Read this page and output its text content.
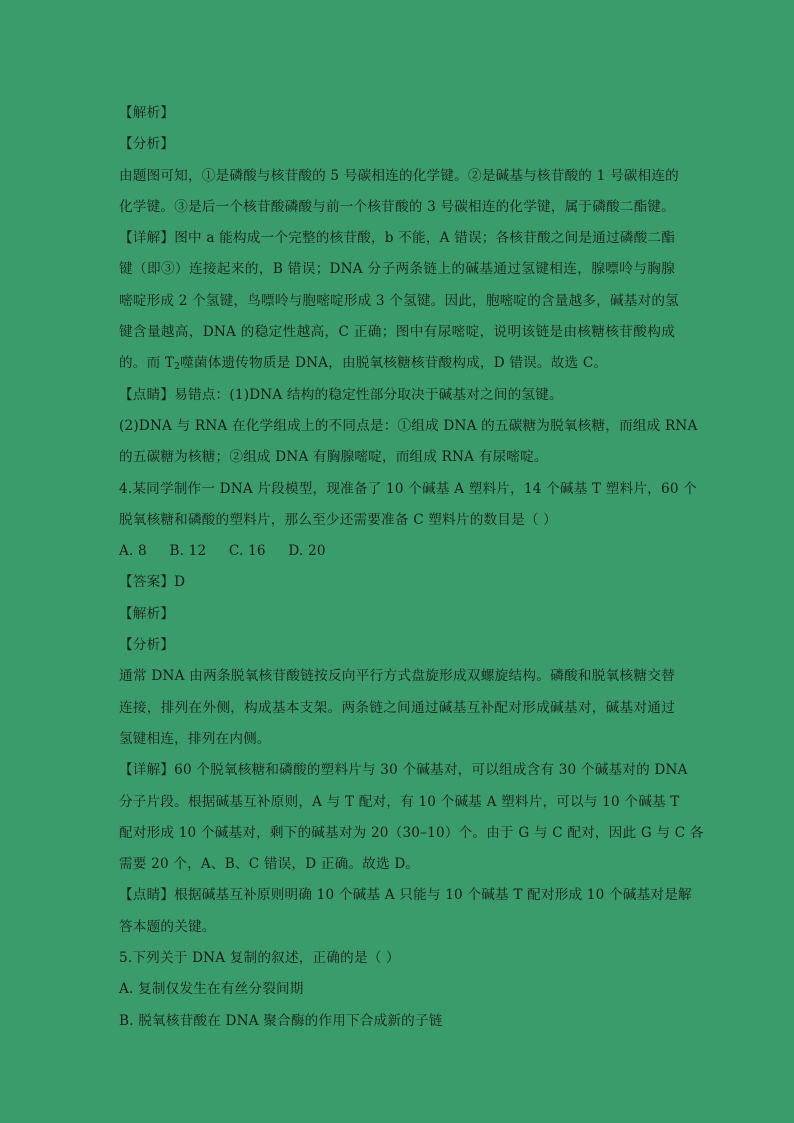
【解析】
【分析】
由题图可知，①是磷酸与核苷酸的 5 号碳相连的化学键。②是碱基与核苷酸的 1 号碳相连的
化学键。③是后一个核苷酸磷酸与前一个核苷酸的 3 号碳相连的化学键，属于磷酸二酯键。
【详解】图中 a 能构成一个完整的核苷酸，b 不能，A 错误；各核苷酸之间是通过磷酸二酯
键（即③）连接起来的，B 错误；DNA 分子两条链上的碱基通过氢键相连，腺嘌呤与胸腺
嘧啶形成 2 个氢键，鸟嘌呤与胞嘧啶形成 3 个氢键。因此，胞嘧啶的含量越多，碱基对的氢
键含量越高，DNA 的稳定性越高，C 正确；图中有尿嘧啶，说明该链是由核糖核苷酸构成
的。而 $T_2$噬菌体遗传物质是 DNA，由脱氧核糖核苷酸构成，D 错误。故选 C。
【点睛】易错点：(1)DNA 结构的稳定性部分取决于碱基对之间的氢键。
(2)DNA 与 RNA 在化学组成上的不同点是：①组成 DNA 的五碳糖为脱氧核糖，而组成 RNA
的五碳糖为核糖；②组成 DNA 有胸腺嘧啶，而组成 RNA 有尿嘧啶。
4.某同学制作一 DNA 片段模型，现准备了 10 个碱基 A 塑料片，14 个碱基 T 塑料片，60 个
脱氧核糖和磷酸的塑料片，那么至少还需要准备 C 塑料片的数目是（ ）
A. 8 B. 12 C. 16 D. 20
【答案】D
【解析】
【分析】
通常 DNA 由两条脱氧核苷酸链按反向平行方式盘旋形成双螺旋结构。磷酸和脱氧核糖交替
连接，排列在外侧，构成基本支架。两条链之间通过碱基互补配对形成碱基对，碱基对通过
氢键相连，排列在内侧。
【详解】60 个脱氧核糖和磷酸的塑料片与 30 个碱基对，可以组成含有 30 个碱基对的 DNA
分子片段。根据碱基互补原则，A 与 T 配对，有 10 个碱基 A 塑料片，可以与 10 个碱基 T
配对形成 10 个碱基对，剩下的碱基对为 20（30–10）个。由于 G 与 C 配对，因此 G 与 C 各
需要 20 个，A、B、C 错误，D 正确。故选 D。
【点睛】根据碱基互补原则明确 10 个碱基 A 只能与 10 个碱基 T 配对形成 10 个碱基对是解
答本题的关键。
5.下列关于 DNA 复制的叙述，正确的是（ ）
A. 复制仅发生在有丝分裂间期
B. 脱氧核苷酸在 DNA 聚合酶的作用下合成新的子链
